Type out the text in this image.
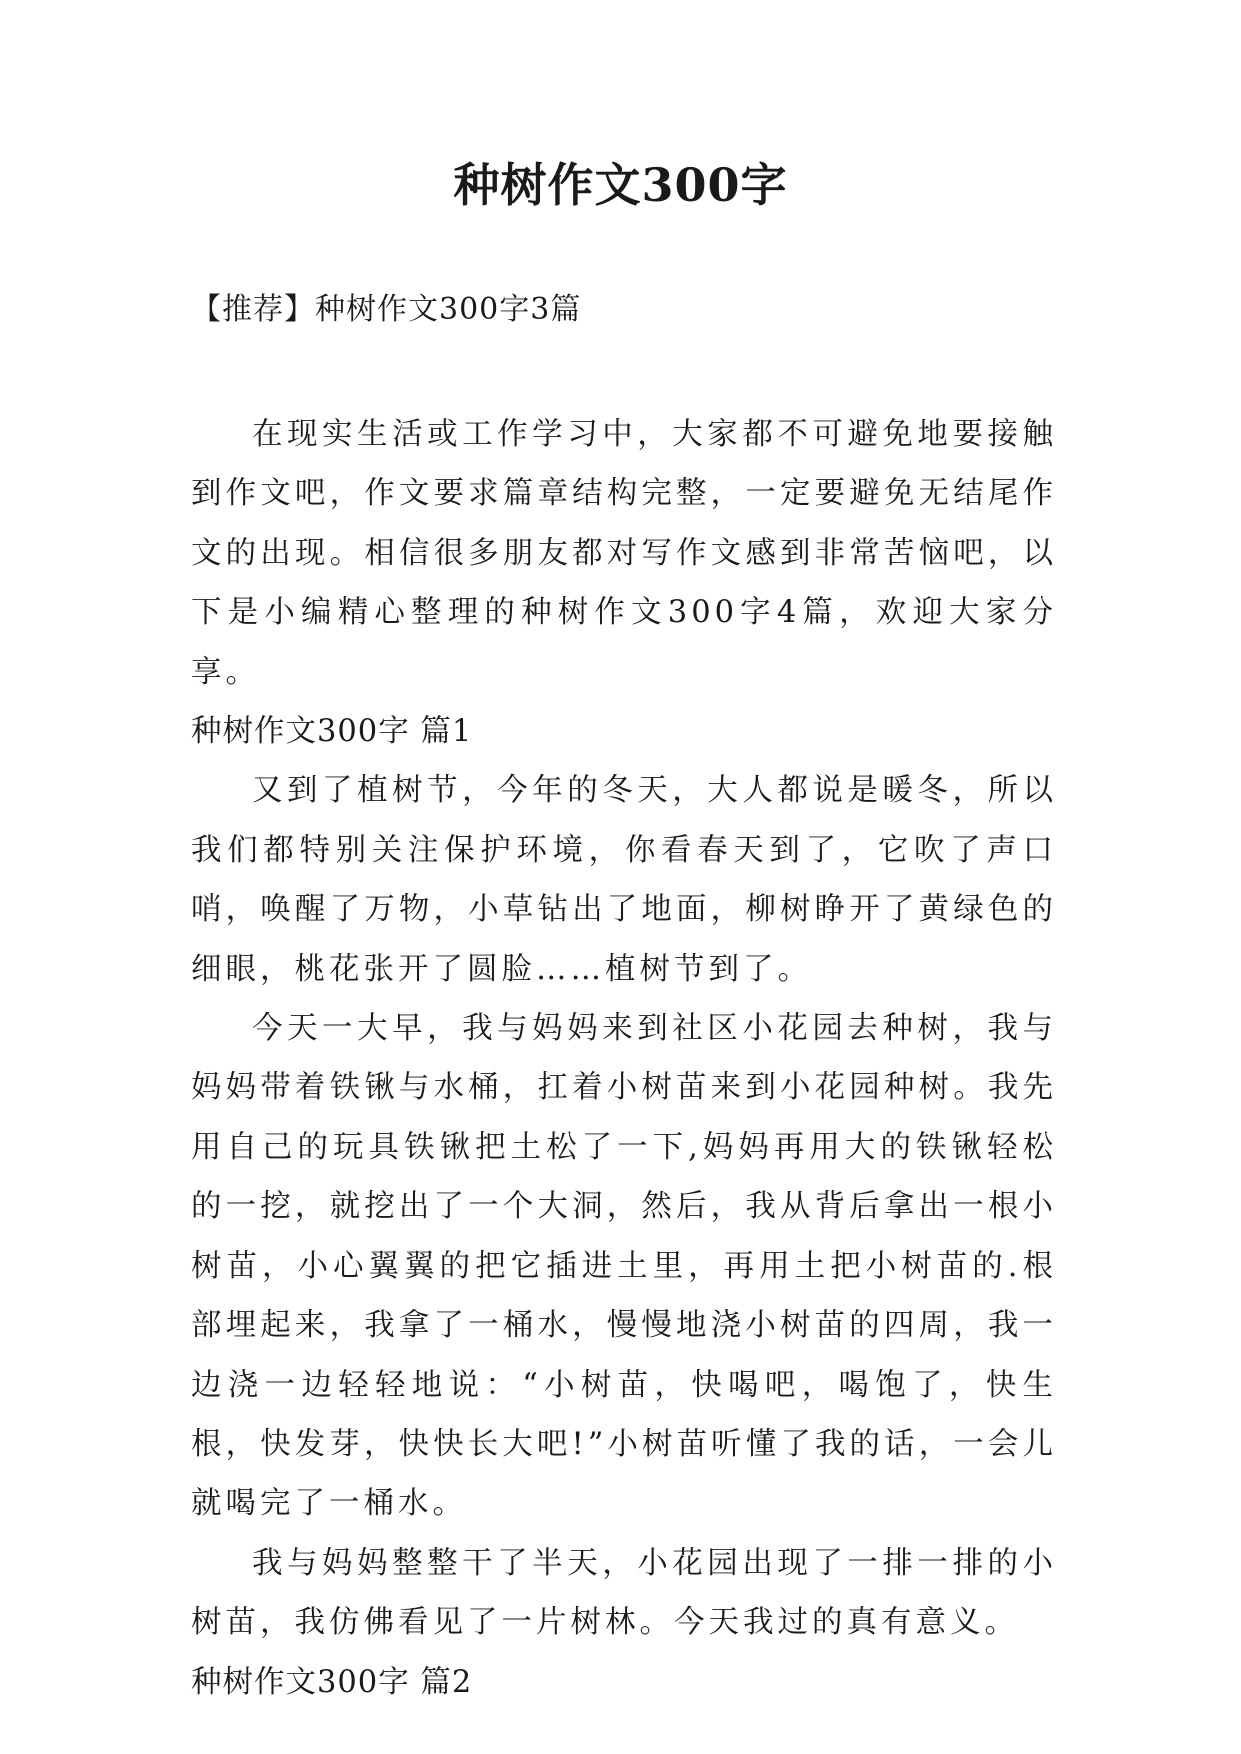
种树作文300字
【推荐】种树作文300字3篇

在现实生活或工作学习中，大家都不可避免地要接触到作文吧，作文要求篇章结构完整，一定要避免无结尾作文的出现。相信很多朋友都对写作文感到非常苦恼吧，以下是小编精心整理的种树作文300字4篇，欢迎大家分享。

种树作文300字 篇1

又到了植树节，今年的冬天，大人都说是暖冬，所以我们都特别关注保护环境，你看春天到了，它吹了声口哨，唤醒了万物，小草钻出了地面，柳树睁开了黄绿色的细眼，桃花张开了圆脸……植树节到了。

今天一大早，我与妈妈来到社区小花园去种树，我与妈妈带着铁锹与水桶，扛着小树苗来到小花园种树。我先用自己的玩具铁锹把土松了一下,妈妈再用大的铁锹轻松的一挖，就挖出了一个大洞，然后，我从背后拿出一根小树苗，小心翼翼的把它插进土里，再用土把小树苗的.根部埋起来，我拿了一桶水，慢慢地浇小树苗的四周，我一边浇一边轻轻地说：“小树苗，快喝吧，喝饱了，快生根，快发芽，快快长大吧!”小树苗听懂了我的话，一会儿就喝完了一桶水。

我与妈妈整整干了半天，小花园出现了一排一排的小树苗，我仿佛看见了一片树林。今天我过的真有意义。

种树作文300字 篇2
